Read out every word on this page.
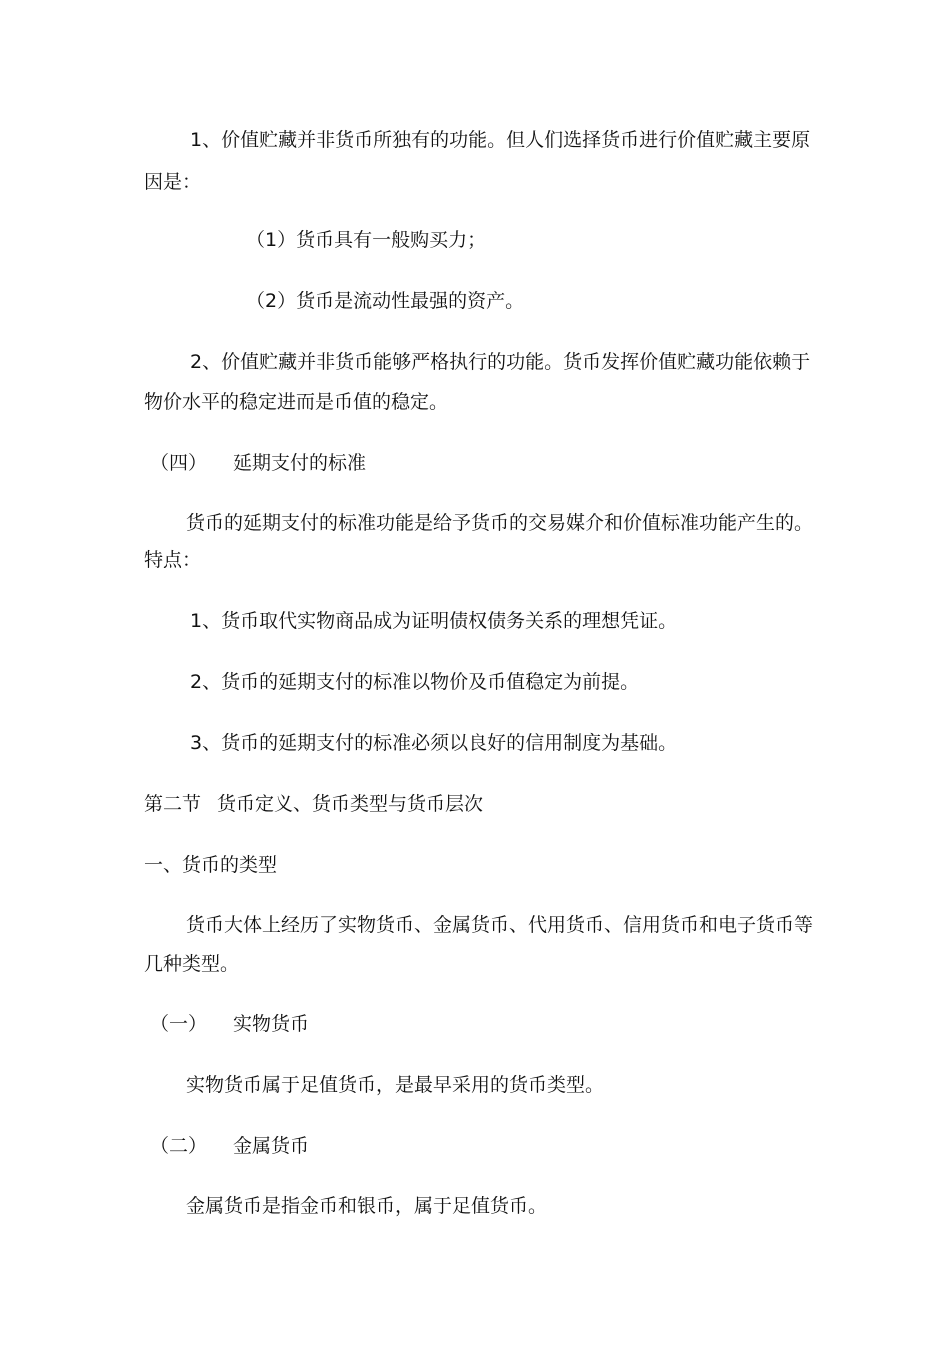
1、价值贮藏并非货币所独有的功能。但人们选择货币进行价值贮藏主要原
因是：
（1）货币具有一般购买力；
（2）货币是流动性最强的资产。
2、价值贮藏并非货币能够严格执行的功能。货币发挥价值贮藏功能依赖于
物价水平的稳定进而是币值的稳定。
（四） 延期支付的标准
货币的延期支付的标准功能是给予货币的交易媒介和价值标准功能产生的。
特点：
1、货币取代实物商品成为证明债权债务关系的理想凭证。
2、货币的延期支付的标准以物价及币值稳定为前提。
3、货币的延期支付的标准必须以良好的信用制度为基础。
第二节 货币定义、货币类型与货币层次
一、货币的类型
货币大体上经历了实物货币、金属货币、代用货币、信用货币和电子货币等
几种类型。
（一） 实物货币
实物货币属于足值货币，是最早采用的货币类型。
（二） 金属货币
金属货币是指金币和银币，属于足值货币。
